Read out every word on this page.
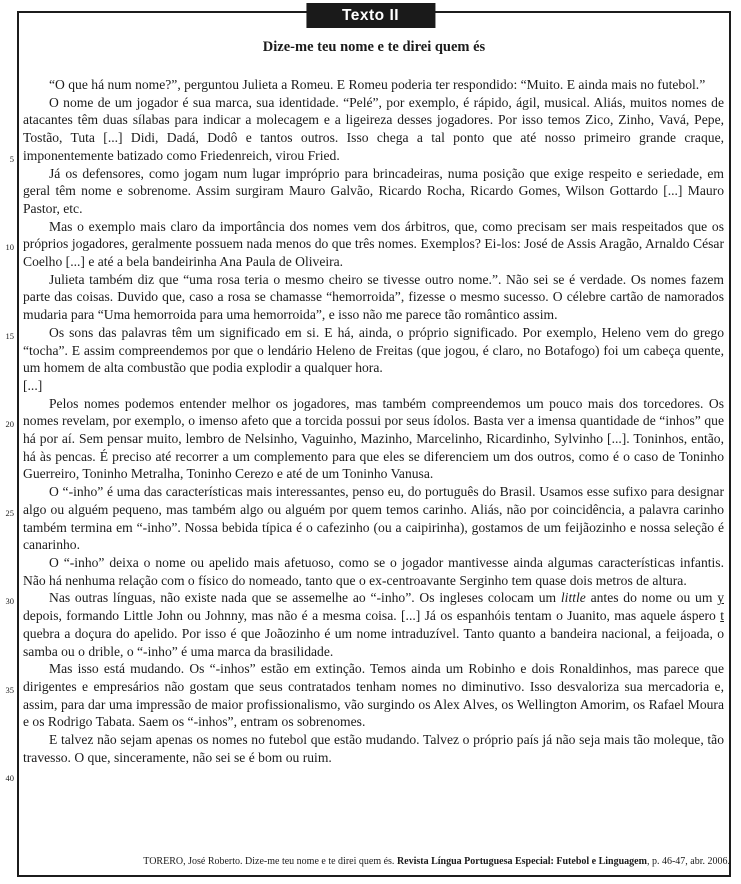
Texto II
Dize-me teu nome e te direi quem és

“O que há num nome?”, perguntou Julieta a Romeu. E Romeu poderia ter respondido: “Muito. E ainda mais no futebol.”

O nome de um jogador é sua marca, sua identidade. “Pelé”, por exemplo, é rápido, ágil, musical. Aliás, muitos nomes de atacantes têm duas sílabas para indicar a molecagem e a ligeireza desses jogadores. Por isso temos Zico, Zinho, Vavá, Pepe, Tostão, Tuta [...] Didi, Dadá, Dodô e tantos outros. Isso chega a tal ponto que até nosso primeiro grande craque, imponentemente batizado como Friedenreich, virou Fried.

Já os defensores, como jogam num lugar impróprio para brincadeiras, numa posição que exige respeito e seriedade, em geral têm nome e sobrenome. Assim surgiram Mauro Galvão, Ricardo Rocha, Ricardo Gomes, Wilson Gottardo [...] Mauro Pastor, etc.

Mas o exemplo mais claro da importância dos nomes vem dos árbitros, que, como precisam ser mais respeitados que os próprios jogadores, geralmente possuem nada menos do que três nomes. Exemplos? Ei-los: José de Assis Aragão, Arnaldo César Coelho [...] e até a bela bandeirinha Ana Paula de Oliveira.

Julieta também diz que “uma rosa teria o mesmo cheiro se tivesse outro nome.”. Não sei se é verdade. Os nomes fazem parte das coisas. Duvido que, caso a rosa se chamasse “hemorroida”, fizesse o mesmo sucesso. O célebre cartão de namorados mudaria para “Uma hemorroida para uma hemorroida”, e isso não me parece tão romântico assim.

Os sons das palavras têm um significado em si. E há, ainda, o próprio significado. Por exemplo, Heleno vem do grego “tocha”. E assim compreendemos por que o lendário Heleno de Freitas (que jogou, é claro, no Botafogo) foi um cabeça quente, um homem de alta combustão que podia explodir a qualquer hora.

[...]

Pelos nomes podemos entender melhor os jogadores, mas também compreendemos um pouco mais dos torcedores. Os nomes revelam, por exemplo, o imenso afeto que a torcida possui por seus ídolos. Basta ver a imensa quantidade de “inhos” que há por aí. Sem pensar muito, lembro de Nelsinho, Vaguinho, Mazinho, Marcelinho, Ricardinho, Sylvinho [...]. Toninhos, então, há às pencas. É preciso até recorrer a um complemento para que eles se diferenciem um dos outros, como é o caso de Toninho Guerreiro, Toninho Metralha, Toninho Cerezo e até de um Toninho Vanusa.

O “-inho” é uma das características mais interessantes, penso eu, do português do Brasil. Usamos esse sufixo para designar algo ou alguém pequeno, mas também algo ou alguém por quem temos carinho. Aliás, não por coincidência, a palavra carinho também termina em “-inho”. Nossa bebida típica é o cafezinho (ou a caipirinha), gostamos de um feijãozinho e nossa seleção é canarinho.

O “-inho” deixa o nome ou apelido mais afetuoso, como se o jogador mantivesse ainda algumas características infantis. Não há nenhuma relação com o físico do nomeado, tanto que o ex-centroavante Serginho tem quase dois metros de altura.

Nas outras línguas, não existe nada que se assemelhe ao “-inho”. Os ingleses colocam um little antes do nome ou um y depois, formando Little John ou Johnny, mas não é a mesma coisa. [...] Já os espanhóis tentam o Juanito, mas aquele áspero t quebra a doçura do apelido. Por isso é que Joãozinho é um nome intraduzível. Tanto quanto a bandeira nacional, a feijoada, o samba ou o drible, o “-inho” é uma marca da brasilidade.

Mas isso está mudando. Os “-inhos” estão em extinção. Temos ainda um Robinho e dois Ronaldinhos, mas parece que dirigentes e empresários não gostam que seus contratados tenham nomes no diminutivo. Isso desvaloriza sua mercadoria e, assim, para dar uma impressão de maior profissionalismo, vão surgindo os Alex Alves, os Wellington Amorim, os Rafael Moura e os Rodrigo Tabata. Saem os “-inhos”, entram os sobrenomes.

E talvez não sejam apenas os nomes no futebol que estão mudando. Talvez o próprio país já não seja mais tão moleque, tão travesso. O que, sinceramente, não sei se é bom ou ruim.

5
10
15
20
25
30
35
40
TORERO, José Roberto. Dize-me teu nome e te direi quem és. Revista Língua Portuguesa Especial: Futebol e Linguagem, p. 46-47, abr. 2006.
